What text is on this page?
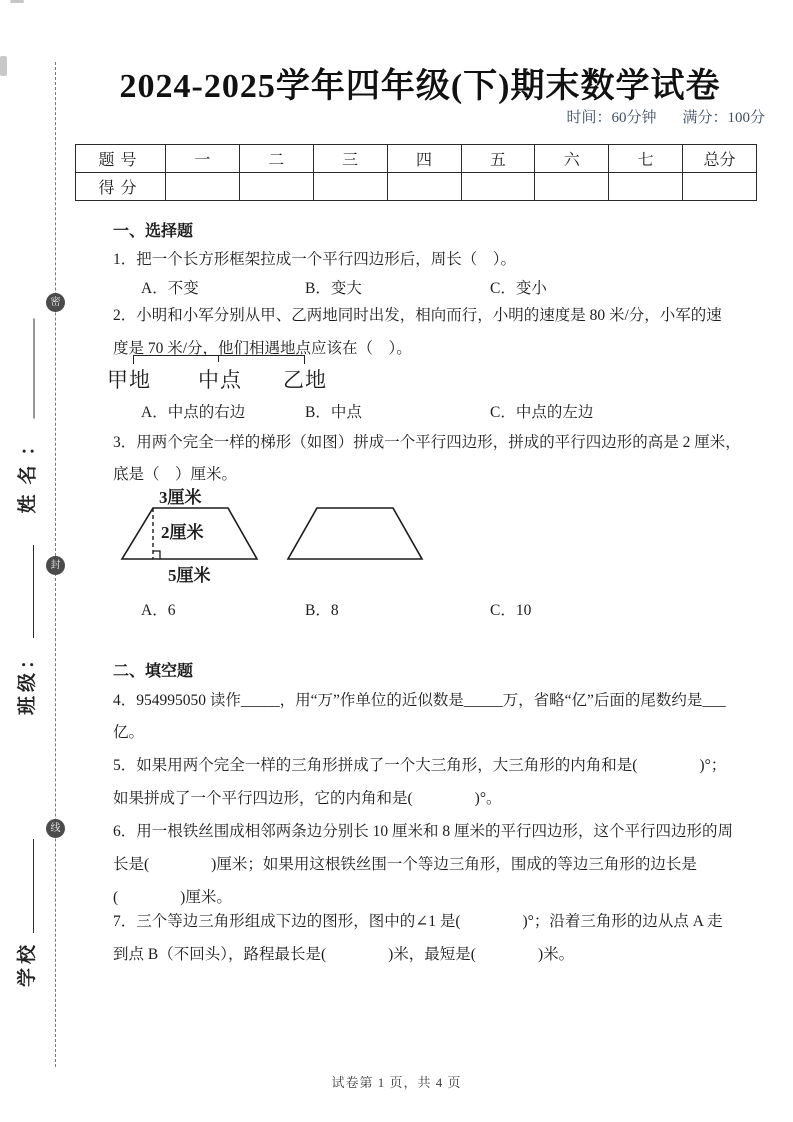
密
封
线
姓名：
班级：
学校
2024-2025学年四年级(下)期末数学试卷
时间：60分钟 满分：100分
题号	一	二	三	四	五	六	七	总分
得分								
一、选择题
1．把一个长方形框架拉成一个平行四边形后，周长（　）。
A．不变	B．变大	C．变小
2．小明和小军分别从甲、乙两地同时出发，相向而行，小明的速度是 80 米/分，小军的速
度是 70 米/分，他们相遇地点应该在（　）。
甲地 中点 乙地
A．中点的右边	B．中点	C．中点的左边
3．用两个完全一样的梯形（如图）拼成一个平行四边形，拼成的平行四边形的高是 2 厘米，
底是（　）厘米。
3厘米
2厘米
5厘米
A．6	B．8	C．10
二、填空题
4．954995050 读作_____，用“万”作单位的近似数是_____万，省略“亿”后面的尾数约是___
亿。
5．如果用两个完全一样的三角形拼成了一个大三角形，大三角形的内角和是(　　　　)°；
如果拼成了一个平行四边形，它的内角和是(　　　　)°。
6．用一根铁丝围成相邻两条边分别长 10 厘米和 8 厘米的平行四边形，这个平行四边形的周
长是(　　　　)厘米；如果用这根铁丝围一个等边三角形，围成的等边三角形的边长是
(　　　　)厘米。
7．三个等边三角形组成下边的图形，图中的∠1 是(　　　　)°；沿着三角形的边从点 A 走
到点 B（不回头），路程最长是(　　　　)米，最短是(　　　　)米。
试卷第 1 页，共 4 页
